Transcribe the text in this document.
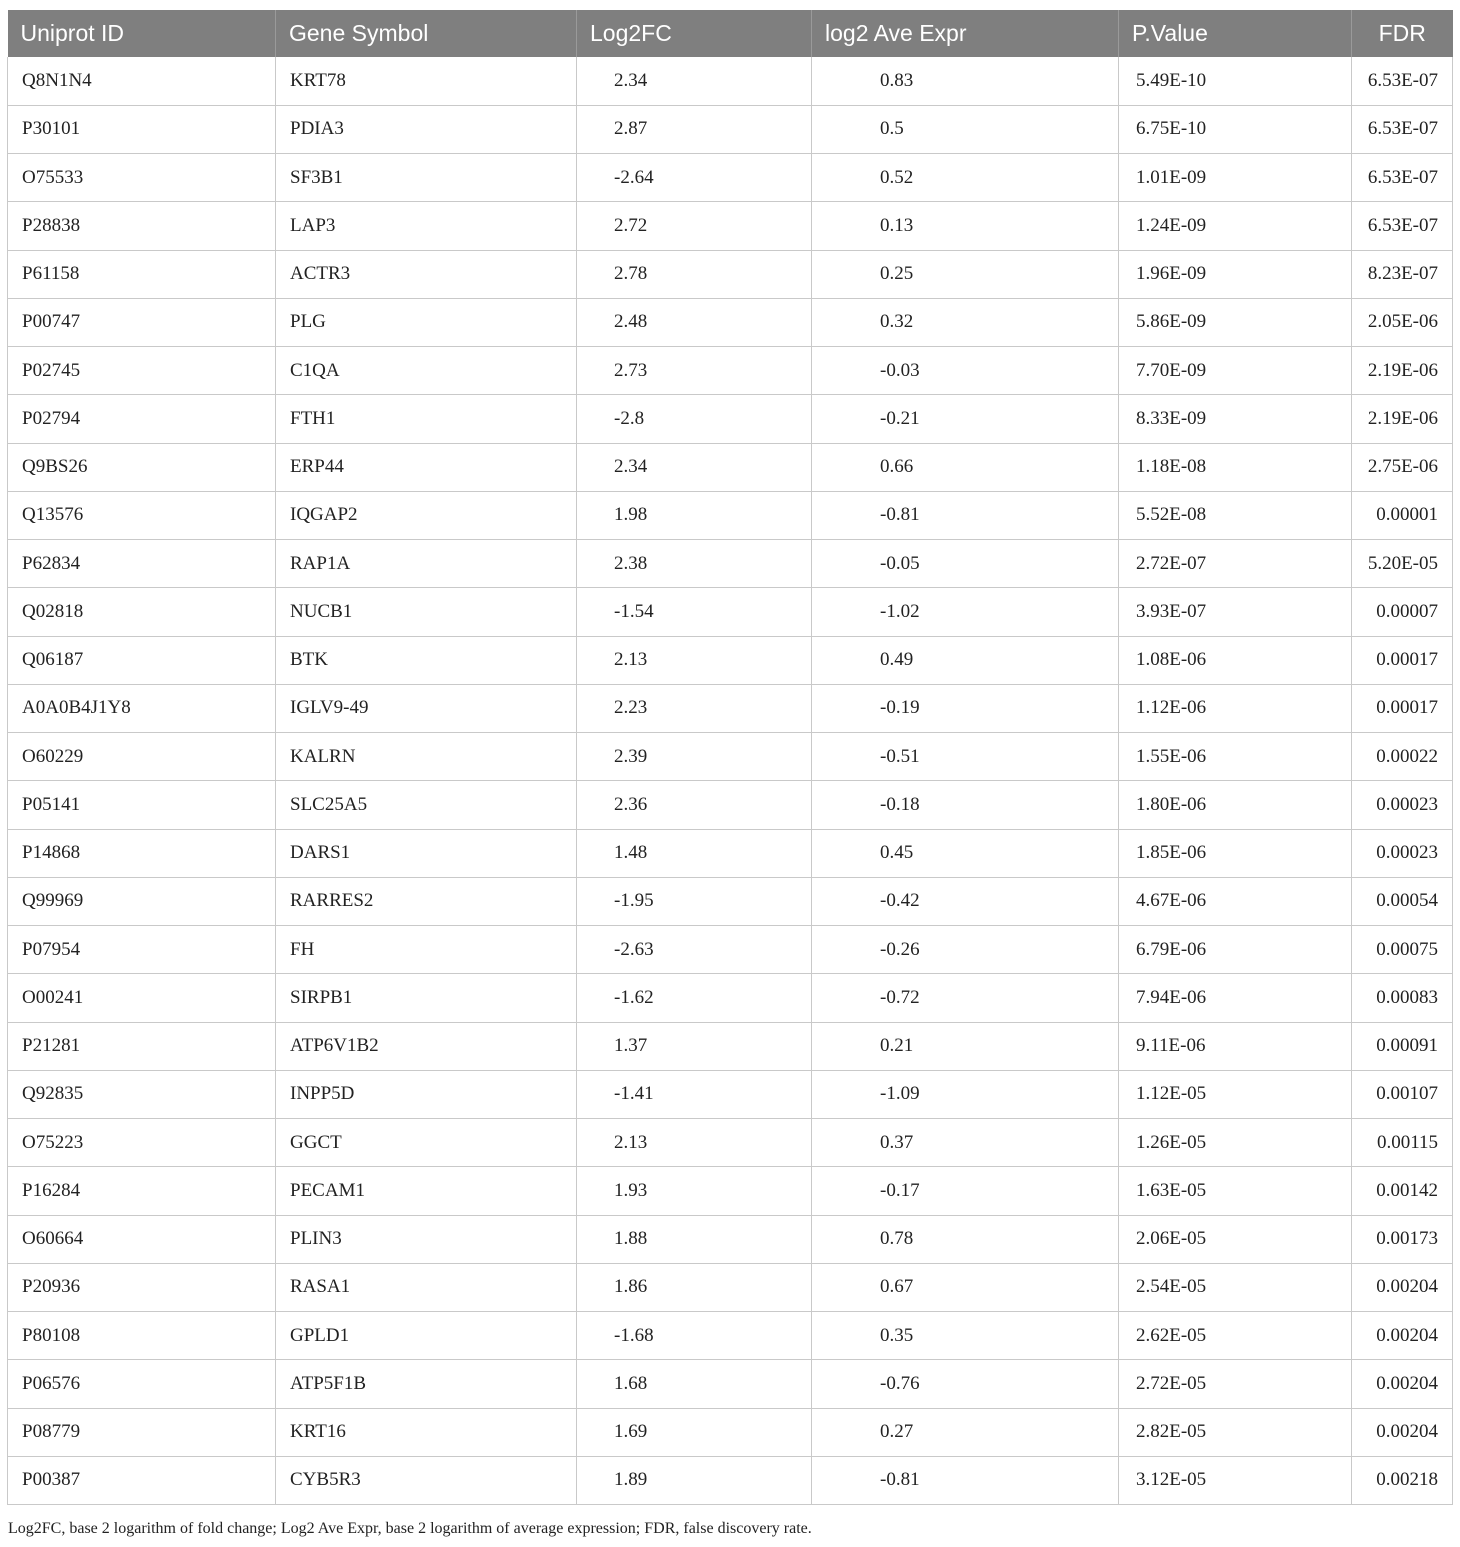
Uniprot ID	Gene Symbol	Log2FC	log2 Ave Expr	P.Value	FDR
Q8N1N4	KRT78	2.34	0.83	5.49E-10	6.53E-07
P30101	PDIA3	2.87	0.5	6.75E-10	6.53E-07
O75533	SF3B1	-2.64	0.52	1.01E-09	6.53E-07
P28838	LAP3	2.72	0.13	1.24E-09	6.53E-07
P61158	ACTR3	2.78	0.25	1.96E-09	8.23E-07
P00747	PLG	2.48	0.32	5.86E-09	2.05E-06
P02745	C1QA	2.73	-0.03	7.70E-09	2.19E-06
P02794	FTH1	-2.8	-0.21	8.33E-09	2.19E-06
Q9BS26	ERP44	2.34	0.66	1.18E-08	2.75E-06
Q13576	IQGAP2	1.98	-0.81	5.52E-08	0.00001
P62834	RAP1A	2.38	-0.05	2.72E-07	5.20E-05
Q02818	NUCB1	-1.54	-1.02	3.93E-07	0.00007
Q06187	BTK	2.13	0.49	1.08E-06	0.00017
A0A0B4J1Y8	IGLV9-49	2.23	-0.19	1.12E-06	0.00017
O60229	KALRN	2.39	-0.51	1.55E-06	0.00022
P05141	SLC25A5	2.36	-0.18	1.80E-06	0.00023
P14868	DARS1	1.48	0.45	1.85E-06	0.00023
Q99969	RARRES2	-1.95	-0.42	4.67E-06	0.00054
P07954	FH	-2.63	-0.26	6.79E-06	0.00075
O00241	SIRPB1	-1.62	-0.72	7.94E-06	0.00083
P21281	ATP6V1B2	1.37	0.21	9.11E-06	0.00091
Q92835	INPP5D	-1.41	-1.09	1.12E-05	0.00107
O75223	GGCT	2.13	0.37	1.26E-05	0.00115
P16284	PECAM1	1.93	-0.17	1.63E-05	0.00142
O60664	PLIN3	1.88	0.78	2.06E-05	0.00173
P20936	RASA1	1.86	0.67	2.54E-05	0.00204
P80108	GPLD1	-1.68	0.35	2.62E-05	0.00204
P06576	ATP5F1B	1.68	-0.76	2.72E-05	0.00204
P08779	KRT16	1.69	0.27	2.82E-05	0.00204
P00387	CYB5R3	1.89	-0.81	3.12E-05	0.00218
Log2FC, base 2 logarithm of fold change; Log2 Ave Expr, base 2 logarithm of average expression; FDR, false discovery rate.
